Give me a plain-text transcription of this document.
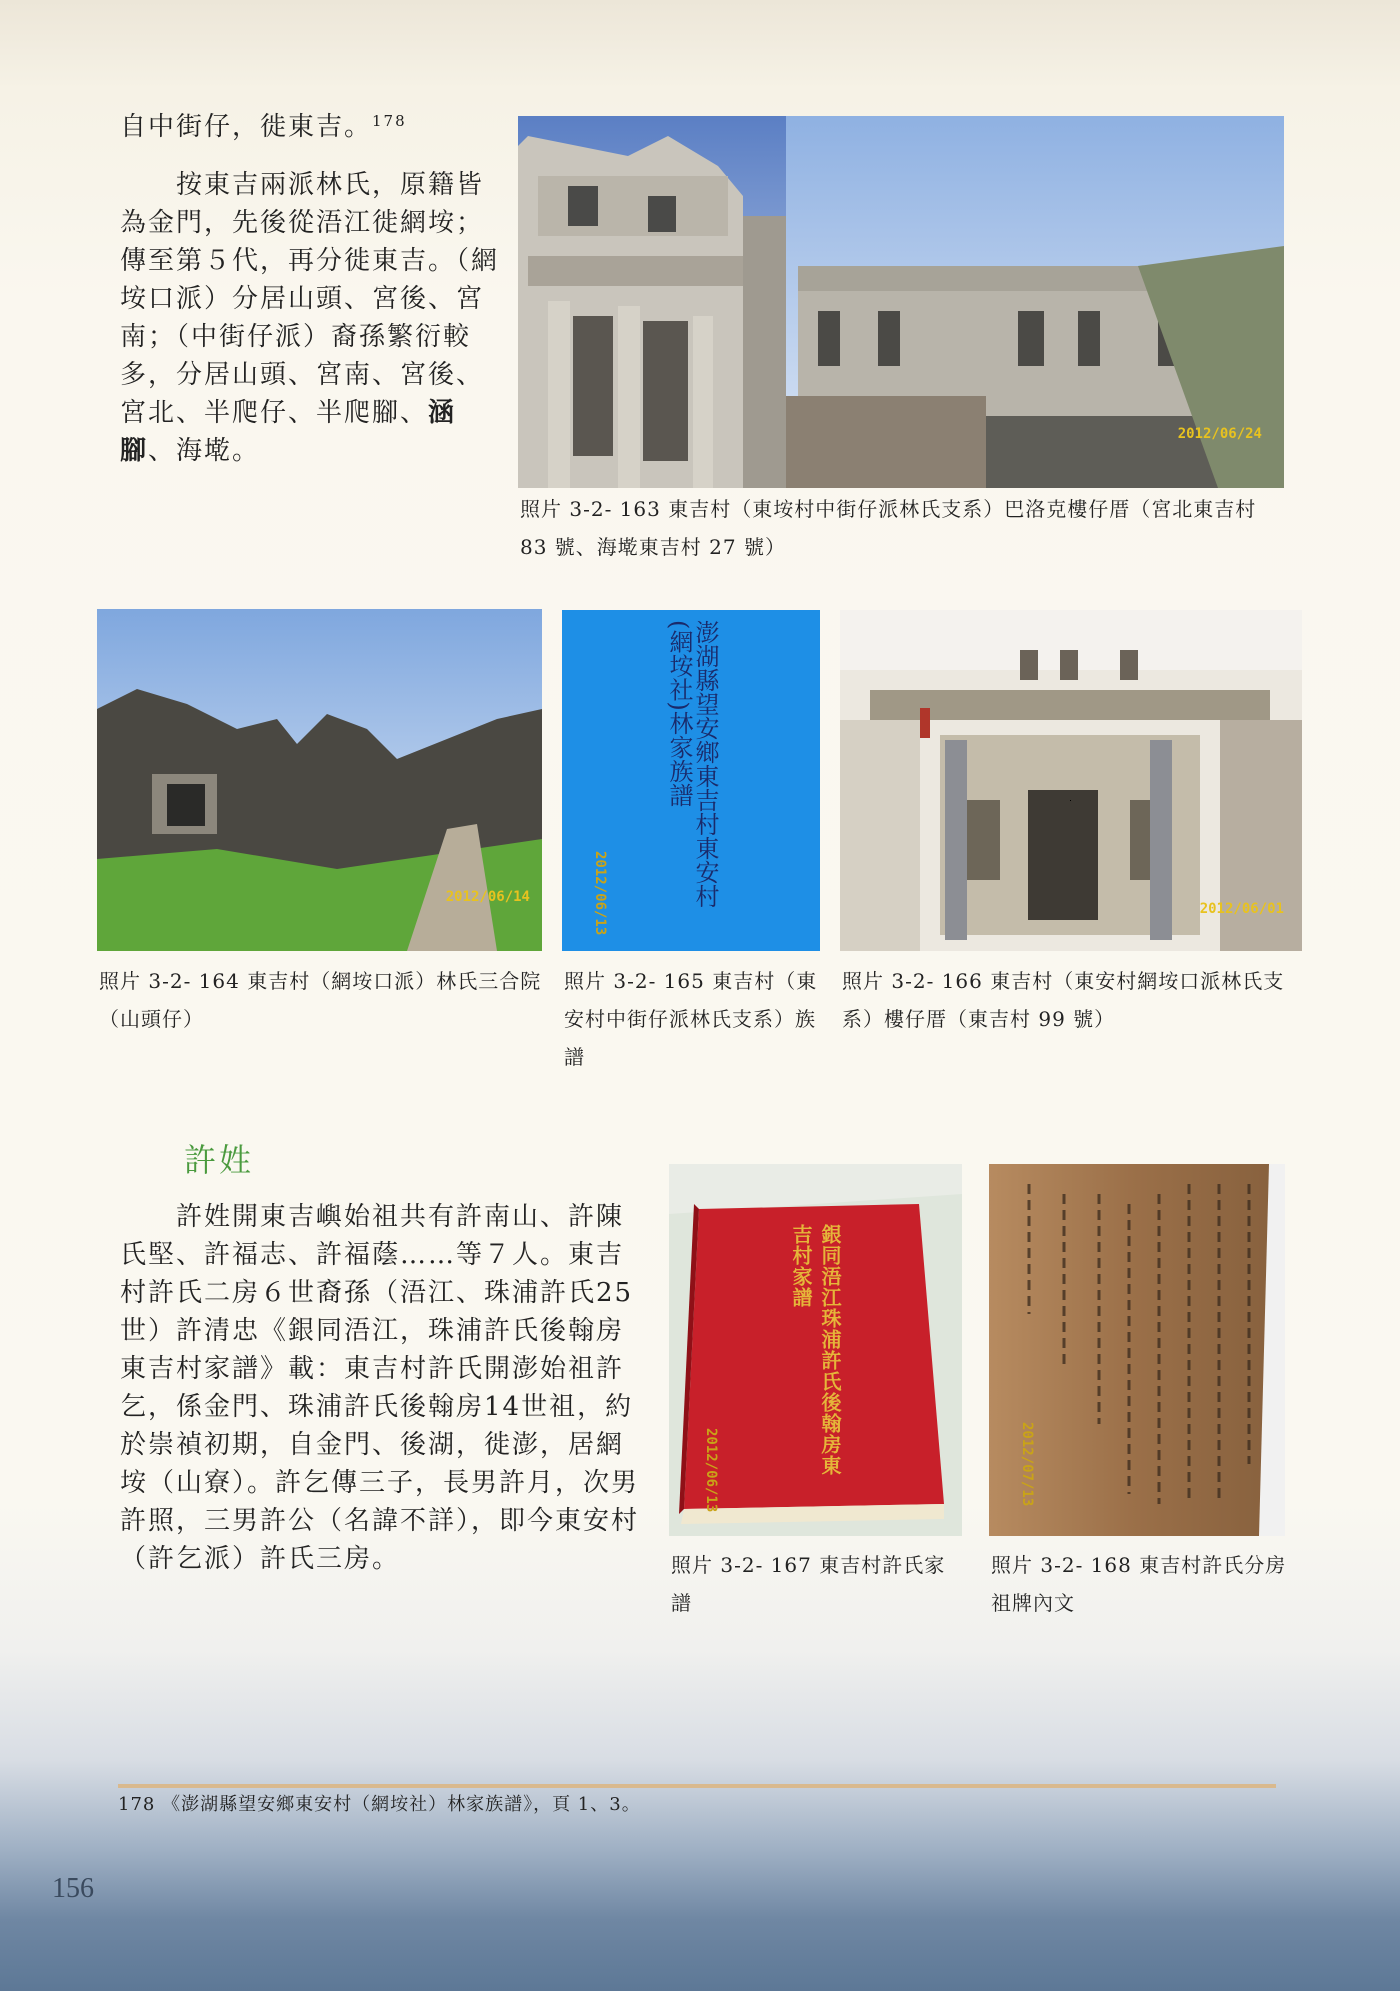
自中街仔，徙東吉。$^{178}$

按東吉兩派林氏，原籍皆為金門，先後從浯江徙網垵；傳至第５代，再分徙東吉。（網垵口派）分居山頭、宮後、宮南；（中街仔派）裔孫繁衍較多，分居山頭、宮南、宮後、宮北、半爬仔、半爬腳、涵腳、海墘。

2012/06/24

照片 3-2- 163 東吉村（東垵村中街仔派林氏支系）巴洛克樓仔厝（宮北東吉村 83 號、海墘東吉村 27 號）

2012/06/14

照片 3-2- 164 東吉村（網垵口派）林氏三合院（山頭仔）

澎湖縣望安鄉東吉村東安村(網垵社)林家族譜
2012/06/13

照片 3-2- 165 東吉村（東安村中街仔派林氏支系）族譜

2012/06/01

照片 3-2- 166 東吉村（東安村網垵口派林氏支系）樓仔厝（東吉村 99 號）

許姓

許姓開東吉嶼始祖共有許南山、許陳氏堅、許福志、許福蔭……等７人。東吉村許氏二房６世裔孫（浯江、珠浦許氏25世）許清忠《銀同浯江，珠浦許氏後翰房東吉村家譜》載：東吉村許氏開澎始祖許乞，係金門、珠浦許氏後翰房14世祖，約於崇禎初期，自金門、後湖，徙澎，居網垵（山寮）。許乞傳三子，長男許月，次男許照，三男許公（名諱不詳），即今東安村（許乞派）許氏三房。

銀同浯江珠浦許氏後翰房東吉村家譜
2012/06/13

照片 3-2- 167 東吉村許氏家譜

2012/07/13

照片 3-2- 168 東吉村許氏分房祖牌內文

178 《澎湖縣望安鄉東安村（網垵社）林家族譜》，頁 1、3。

156
